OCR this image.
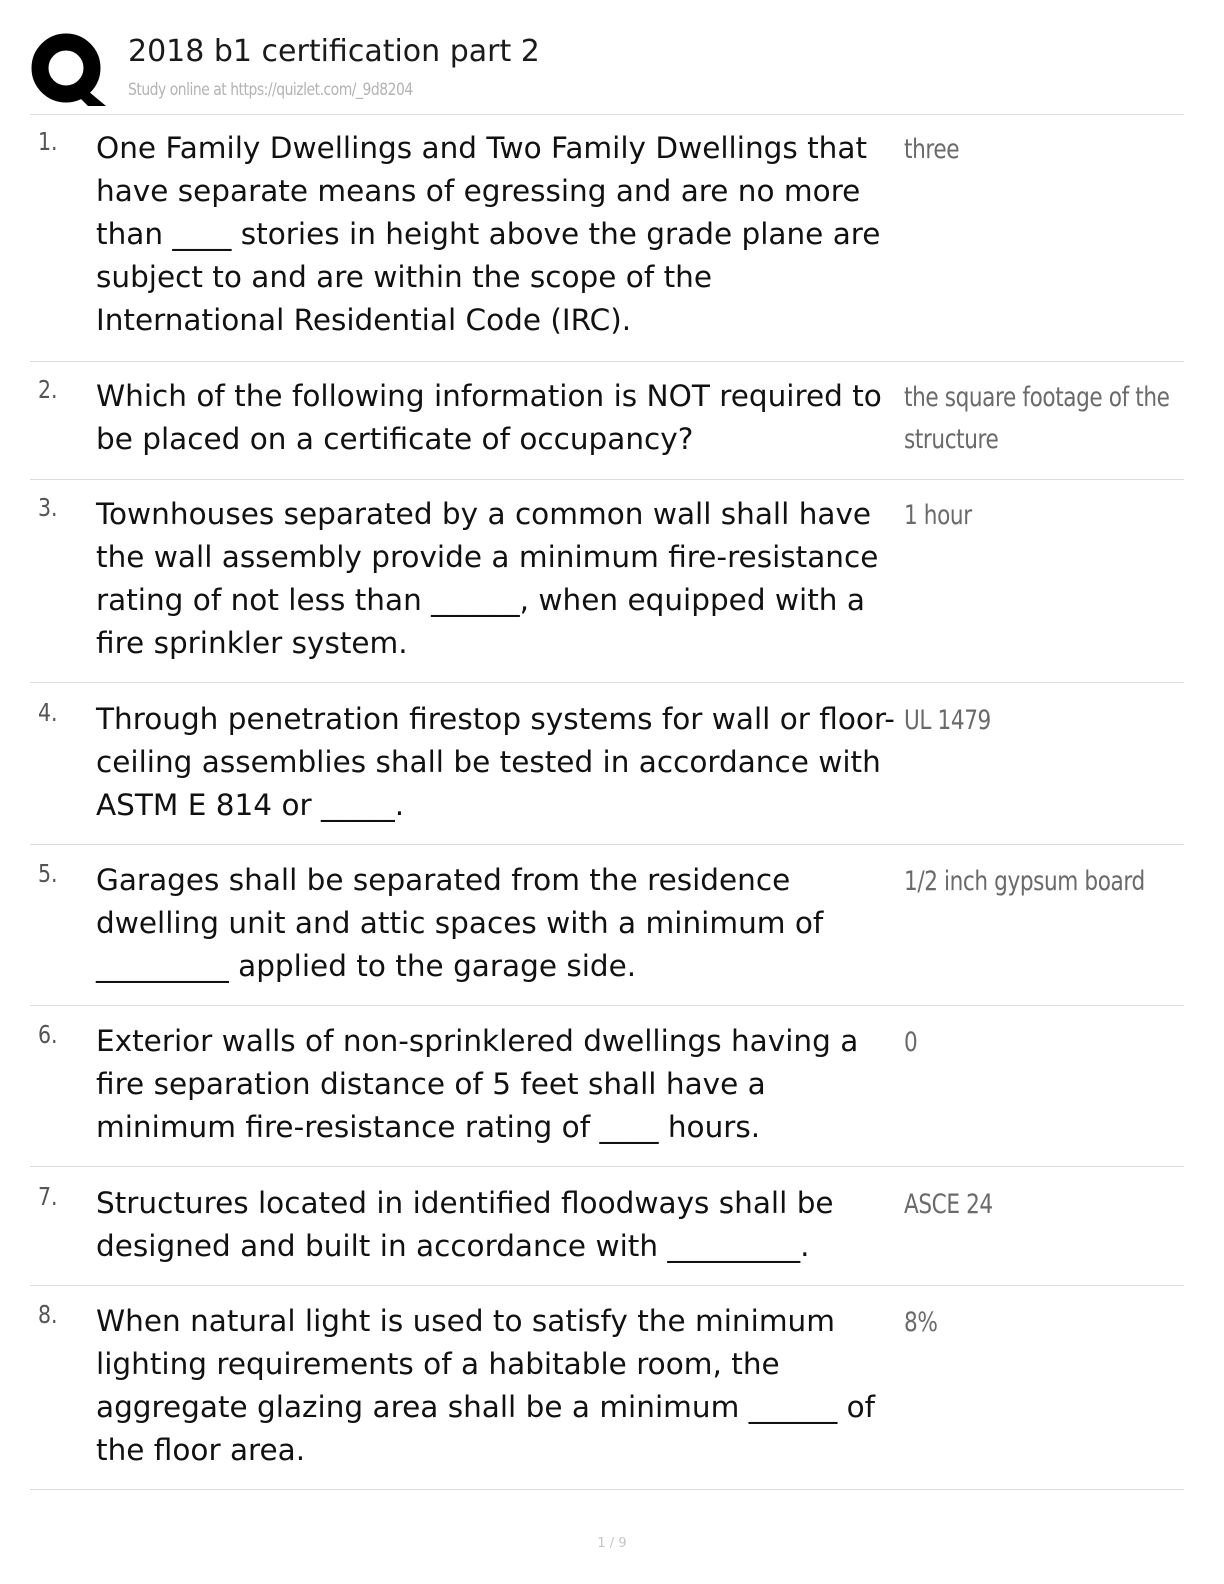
2018 b1 certification part 2
Study online at https://quizlet.com/_9d8204
1. One Family Dwellings and Two Family Dwellings that have separate means of egressing and are no more than ____ stories in height above the grade plane are subject to and are within the scope of the International Residential Code (IRC).
three
2. Which of the following information is NOT required to be placed on a certificate of occupancy?
the square footage of the structure
3. Townhouses separated by a common wall shall have the wall assembly provide a minimum fire-resistance rating of not less than ______, when equipped with a fire sprinkler system.
1 hour
4. Through penetration firestop systems for wall or floor-ceiling assemblies shall be tested in accordance with ASTM E 814 or _____.
UL 1479
5. Garages shall be separated from the residence dwelling unit and attic spaces with a minimum of _________ applied to the garage side.
1/2 inch gypsum board
6. Exterior walls of non-sprinklered dwellings having a fire separation distance of 5 feet shall have a minimum fire-resistance rating of ____ hours.
0
7. Structures located in identified floodways shall be designed and built in accordance with _________.
ASCE 24
8. When natural light is used to satisfy the minimum lighting requirements of a habitable room, the aggregate glazing area shall be a minimum ______ of the floor area.
8%
1 / 9
